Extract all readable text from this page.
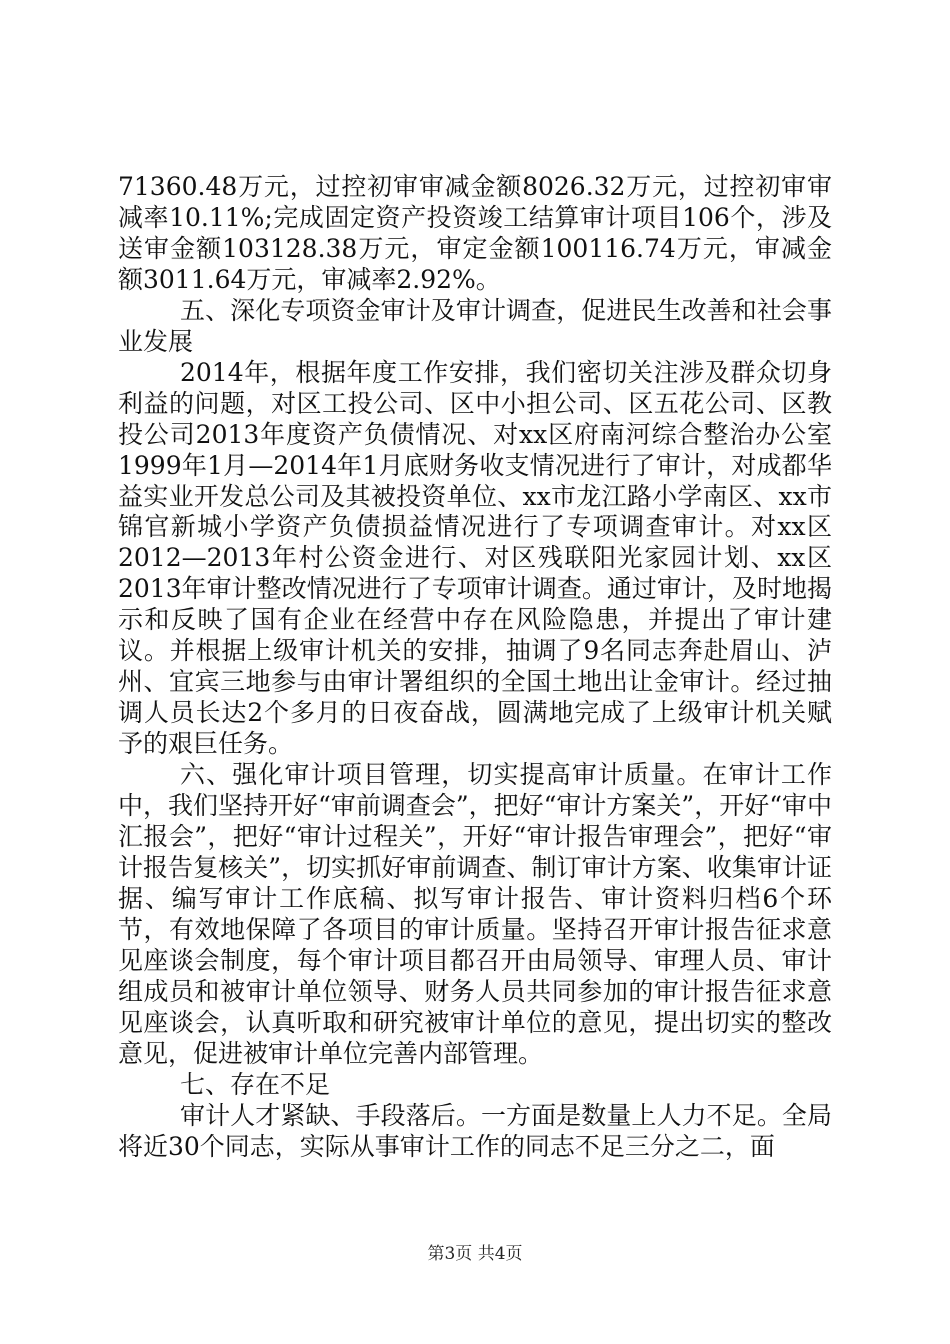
71360.48万元，过控初审审减金额8026.32万元，过控初审审减率10.11%;完成固定资产投资竣工结算审计项目106个，涉及送审金额103128.38万元，审定金额100116.74万元，审减金额3011.64万元，审减率2.92%。

五、深化专项资金审计及审计调查，促进民生改善和社会事业发展

2014年，根据年度工作安排，我们密切关注涉及群众切身利益的问题，对区工投公司、区中小担公司、区五花公司、区教投公司2013年度资产负债情况、对xx区府南河综合整治办公室1999年1月—2014年1月底财务收支情况进行了审计，对成都华益实业开发总公司及其被投资单位、xx市龙江路小学南区、xx市锦官新城小学资产负债损益情况进行了专项调查审计。对xx区2012—2013年村公资金进行、对区残联阳光家园计划、xx区2013年审计整改情况进行了专项审计调查。通过审计，及时地揭示和反映了国有企业在经营中存在风险隐患，并提出了审计建议。并根据上级审计机关的安排，抽调了9名同志奔赴眉山、泸州、宜宾三地参与由审计署组织的全国土地出让金审计。经过抽调人员长达2个多月的日夜奋战，圆满地完成了上级审计机关赋予的艰巨任务。

六、强化审计项目管理，切实提高审计质量。在审计工作中，我们坚持开好“审前调查会”，把好“审计方案关”，开好“审中汇报会”，把好“审计过程关”，开好“审计报告审理会”，把好“审计报告复核关”，切实抓好审前调查、制订审计方案、收集审计证据、编写审计工作底稿、拟写审计报告、审计资料归档6个环节，有效地保障了各项目的审计质量。坚持召开审计报告征求意见座谈会制度，每个审计项目都召开由局领导、审理人员、审计组成员和被审计单位领导、财务人员共同参加的审计报告征求意见座谈会，认真听取和研究被审计单位的意见，提出切实的整改意见，促进被审计单位完善内部管理。

七、存在不足

审计人才紧缺、手段落后。一方面是数量上人力不足。全局将近30个同志，实际从事审计工作的同志不足三分之二，面

第3页 共4页
